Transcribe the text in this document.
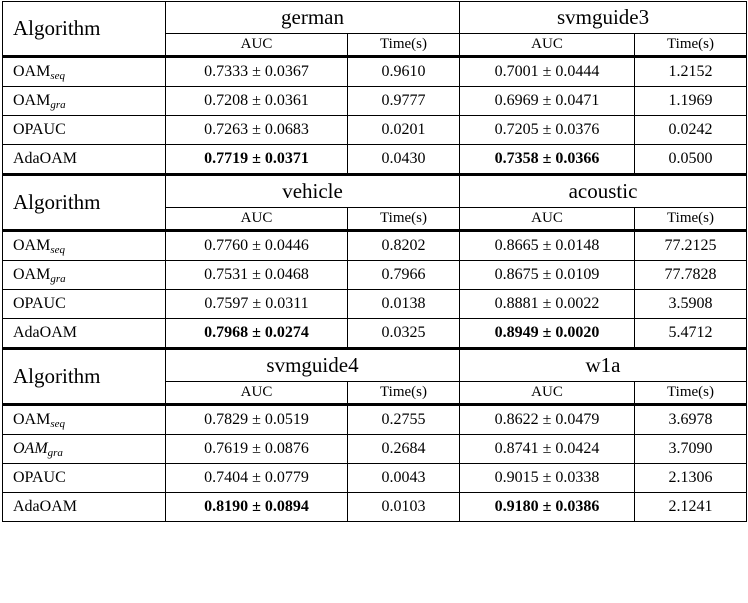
Algorithm	german		svmguide3	

	AUC	Time(s)	AUC	Time(s)

$OAM_{seq}$	0.7333 ± 0.0367	0.9610	0.7001 ± 0.0444	1.2152

$OAM_{gra}$	0.7208 ± 0.0361	0.9777	0.6969 ± 0.0471	1.1969

OPAUC	0.7263 ± 0.0683	0.0201	0.7205 ± 0.0376	0.0242

AdaOAM	0.7719 ± 0.0371	0.0430	0.7358 ± 0.0366	0.0500

Algorithm	vehicle		acoustic	

	AUC	Time(s)	AUC	Time(s)

$OAM_{seq}$	0.7760 ± 0.0446	0.8202	0.8665 ± 0.0148	77.2125

$OAM_{gra}$	0.7531 ± 0.0468	0.7966	0.8675 ± 0.0109	77.7828

OPAUC	0.7597 ± 0.0311	0.0138	0.8881 ± 0.0022	3.5908

AdaOAM	0.7968 ± 0.0274	0.0325	0.8949 ± 0.0020	5.4712

Algorithm	svmguide4		w1a	

	AUC	Time(s)	AUC	Time(s)

$OAM_{seq}$	0.7829 ± 0.0519	0.2755	0.8622 ± 0.0479	3.6978

$OAM_{gra}$	0.7619 ± 0.0876	0.2684	0.8741 ± 0.0424	3.7090

OPAUC	0.7404 ± 0.0779	0.0043	0.9015 ± 0.0338	2.1306

AdaOAM	0.8190 ± 0.0894	0.0103	0.9180 ± 0.0386	2.1241
